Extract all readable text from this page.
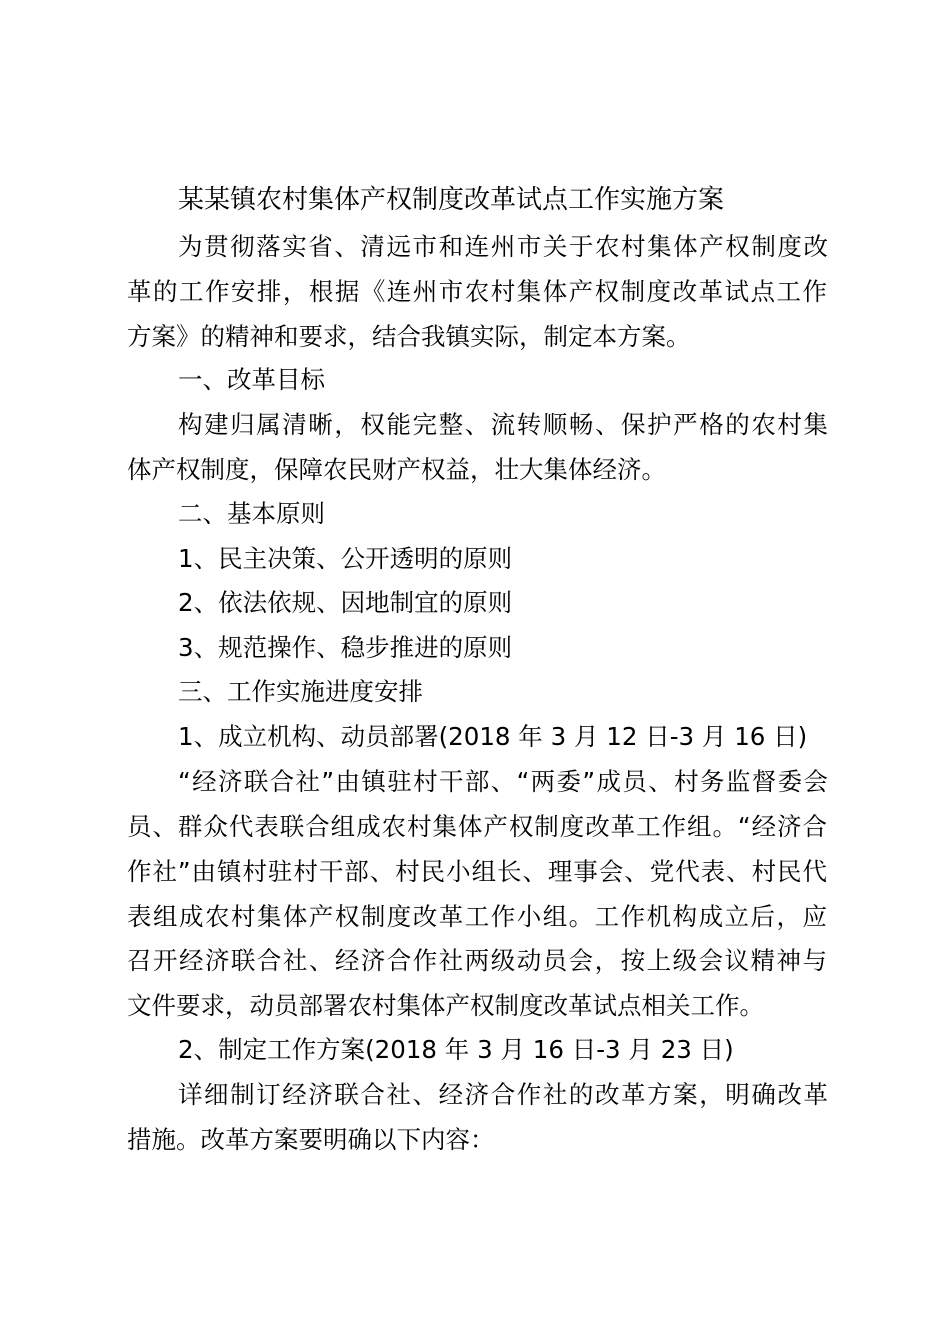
某某镇农村集体产权制度改革试点工作实施方案
为贯彻落实省、清远市和连州市关于农村集体产权制度改
革的工作安排，根据《连州市农村集体产权制度改革试点工作
方案》的精神和要求，结合我镇实际，制定本方案。
一、改革目标
构建归属清晰，权能完整、流转顺畅、保护严格的农村集
体产权制度，保障农民财产权益，壮大集体经济。
二、基本原则
1、民主决策、公开透明的原则
2、依法依规、因地制宜的原则
3、规范操作、稳步推进的原则
三、工作实施进度安排
1、成立机构、动员部署(2018 年 3 月 12 日-3 月 16 日)
“经济联合社”由镇驻村干部、“两委”成员、村务监督委会
员、群众代表联合组成农村集体产权制度改革工作组。“经济合
作社”由镇村驻村干部、村民小组长、理事会、党代表、村民代
表组成农村集体产权制度改革工作小组。工作机构成立后，应
召开经济联合社、经济合作社两级动员会，按上级会议精神与
文件要求，动员部署农村集体产权制度改革试点相关工作。
2、制定工作方案(2018 年 3 月 16 日-3 月 23 日)
详细制订经济联合社、经济合作社的改革方案，明确改革
措施。改革方案要明确以下内容：
